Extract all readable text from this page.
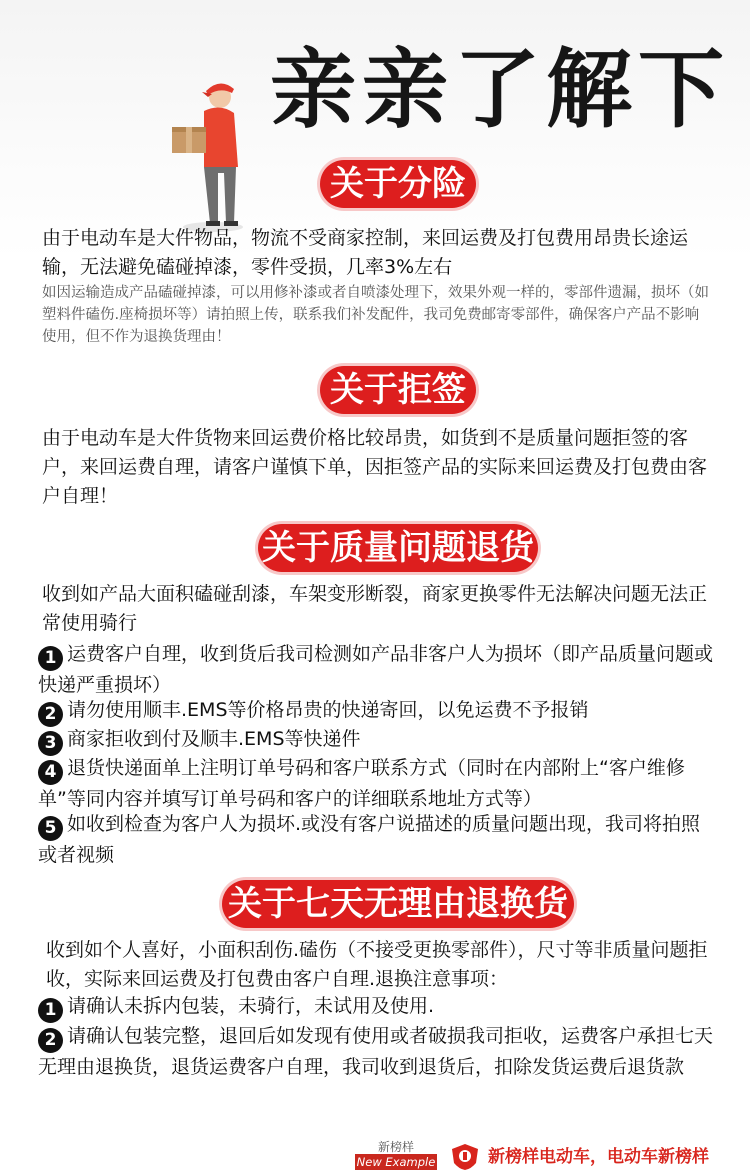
亲亲了解下
关于分险
由于电动车是大件物品，物流不受商家控制，来回运费及打包费用昂贵长途运输，无法避免磕碰掉漆，零件受损，几率3%左右
如因运输造成产品磕碰掉漆，可以用修补漆或者自喷漆处理下，效果外观一样的，零部件遗漏，损坏（如塑料件磕伤.座椅损坏等）请拍照上传，联系我们补发配件，我司免费邮寄零部件，确保客户产品不影响使用，但不作为退换货理由！
关于拒签
由于电动车是大件货物来回运费价格比较昂贵，如货到不是质量问题拒签的客户，来回运费自理，请客户谨慎下单，因拒签产品的实际来回运费及打包费由客户自理！
关于质量问题退货
收到如产品大面积磕碰刮漆，车架变形断裂，商家更换零件无法解决问题无法正常使用骑行
1 运费客户自理，收到货后我司检测如产品非客户人为损坏（即产品质量问题或快递严重损坏）
2 请勿使用顺丰.EMS等价格昂贵的快递寄回，以免运费不予报销
3 商家拒收到付及顺丰.EMS等快递件
4 退货快递面单上注明订单号码和客户联系方式（同时在内部附上“客户维修单”等同内容并填写订单号码和客户的详细联系地址方式等）
5 如收到检查为客户人为损坏.或没有客户说描述的质量问题出现，我司将拍照或者视频
关于七天无理由退换货
收到如个人喜好，小面积刮伤.磕伤（不接受更换零部件），尺寸等非质量问题拒收，实际来回运费及打包费由客户自理.退换注意事项：
1 请确认未拆内包装，未骑行，未试用及使用.
2 请确认包装完整，退回后如发现有使用或者破损我司拒收，运费客户承担七天无理由退换货，退货运费客户自理，我司收到退货后，扣除发货运费后退货款
新榜样
New Example	新榜样电动车，电动车新榜样
